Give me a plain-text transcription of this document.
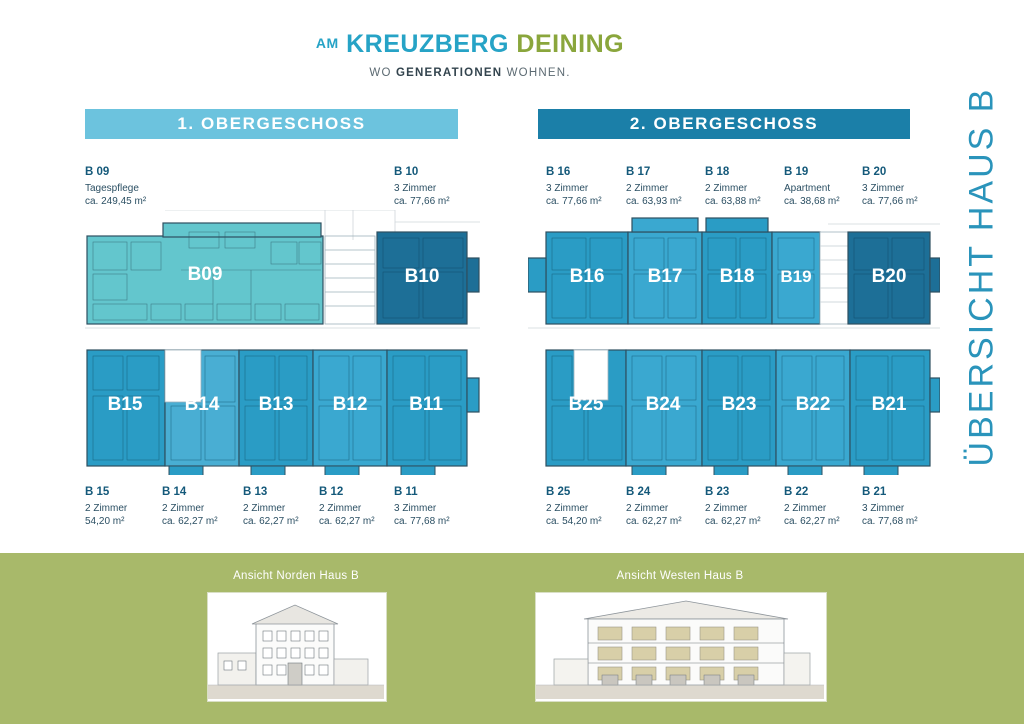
AM KREUZBERG DEINING
WO GENERATIONEN WOHNEN.
ÜBERSICHT HAUS B
1. OBERGESCHOSS	2. OBERGESCHOSS
B 09
Tagespflege
ca. 249,45 m²
B 10
3 Zimmer
ca. 77,66 m²
B 15
2 Zimmer
54,20 m²
B 14
2 Zimmer
ca. 62,27 m²
B 13
2 Zimmer
ca. 62,27 m²
B 12
2 Zimmer
ca. 62,27 m²
B 11
3 Zimmer
ca. 77,68 m²
B 16
3 Zimmer
ca. 77,66 m²
B 17
2 Zimmer
ca. 63,93 m²
B 18
2 Zimmer
ca. 63,88 m²
B 19
Apartment
ca. 38,68 m²
B 20
3 Zimmer
ca. 77,66 m²
B 25
2 Zimmer
ca. 54,20 m²
B 24
2 Zimmer
ca. 62,27 m²
B 23
2 Zimmer
ca. 62,27 m²
B 22
2 Zimmer
ca. 62,27 m²
B 21
3 Zimmer
ca. 77,68 m²
B09	B10
B15 B14 B13 B12 B11
B16 B17 B18 B19	B20
B25 B24 B23 B22 B21
Ansicht Norden Haus B	Ansicht Westen Haus B
